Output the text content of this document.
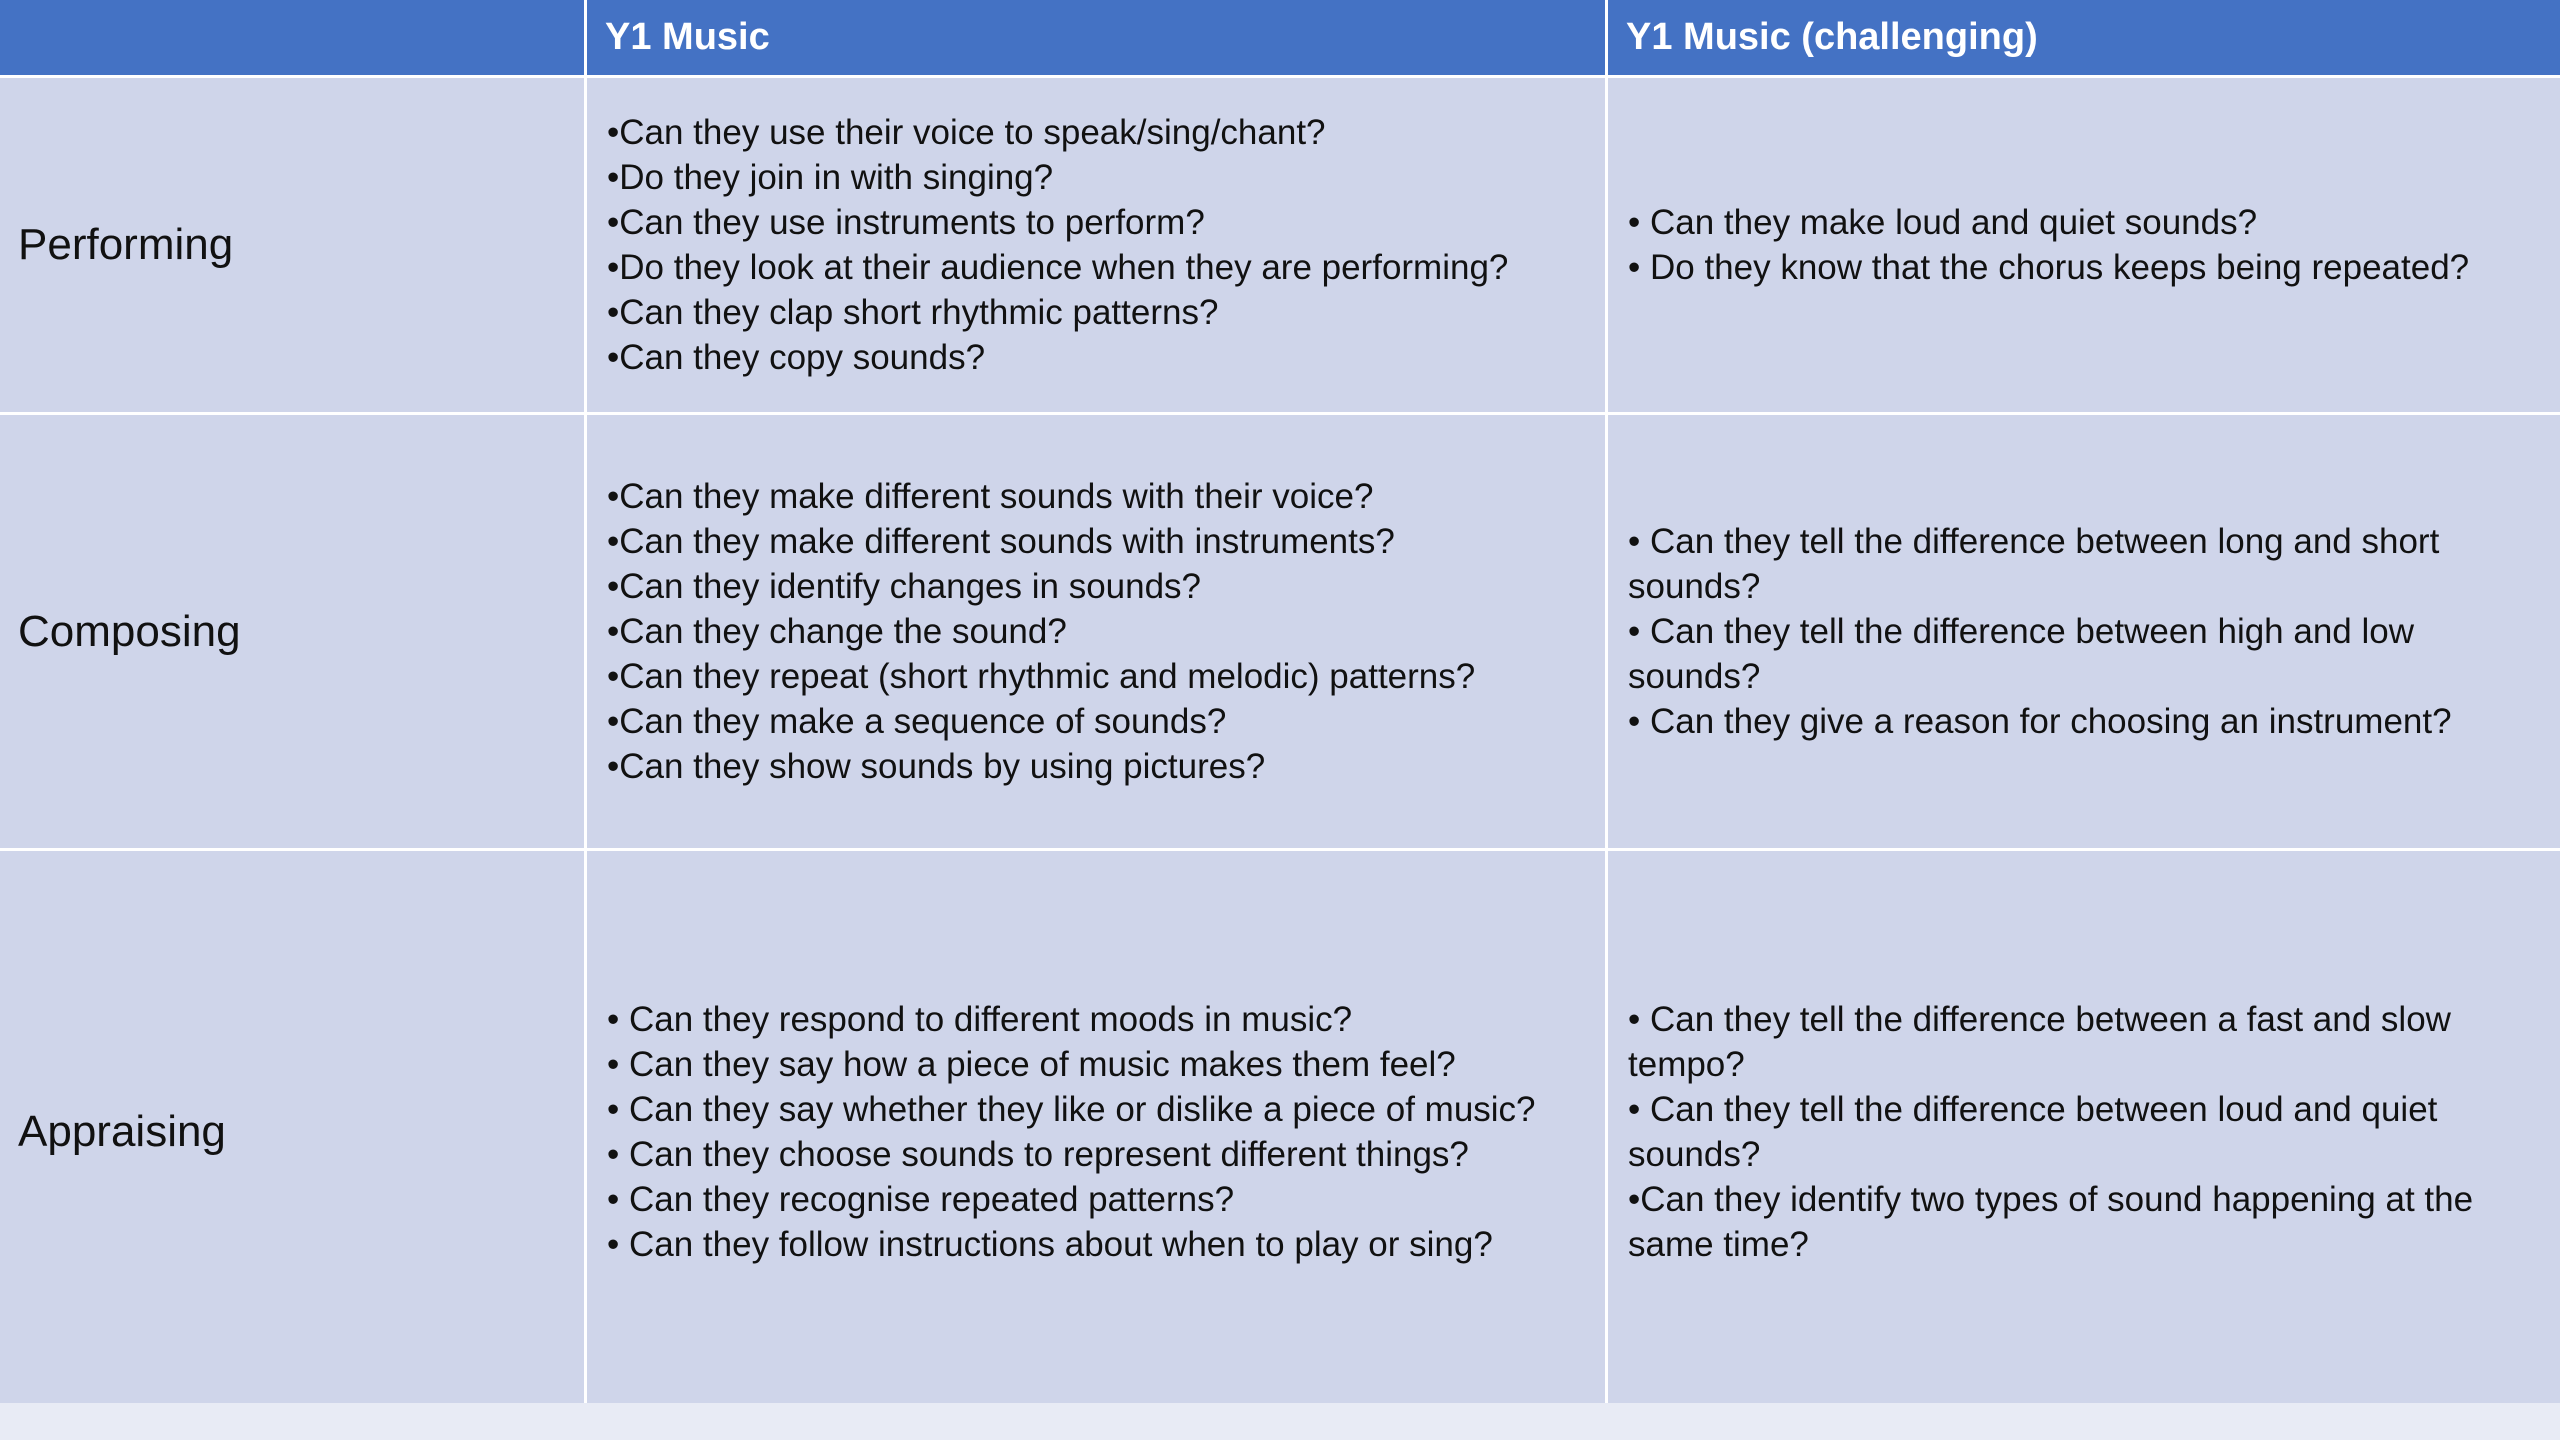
Y1 Music	Y1 Music (challenging)
Performing
•Can they use their voice to speak/sing/chant?
•Do they join in with singing?
•Can they use instruments to perform?
•Do they look at their audience when they are performing?
•Can they clap short rhythmic patterns?
•Can they copy sounds?
• Can they make loud and quiet sounds?
• Do they know that the chorus keeps being repeated?
Composing
•Can they make different sounds with their voice?
•Can they make different sounds with instruments?
•Can they identify changes in sounds?
•Can they change the sound?
•Can they repeat (short rhythmic and melodic) patterns?
•Can they make a sequence of sounds?
•Can they show sounds by using pictures?
• Can they tell the difference between long and short sounds?
• Can they tell the difference between high and low sounds?
• Can they give a reason for choosing an instrument?
Appraising
• Can they respond to different moods in music?
• Can they say how a piece of music makes them feel?
• Can they say whether they like or dislike a piece of music?
• Can they choose sounds to represent different things?
• Can they recognise repeated patterns?
• Can they follow instructions about when to play or sing?
• Can they tell the difference between a fast and slow tempo?
• Can they tell the difference between loud and quiet sounds?
•Can they identify two types of sound happening at the same time?
